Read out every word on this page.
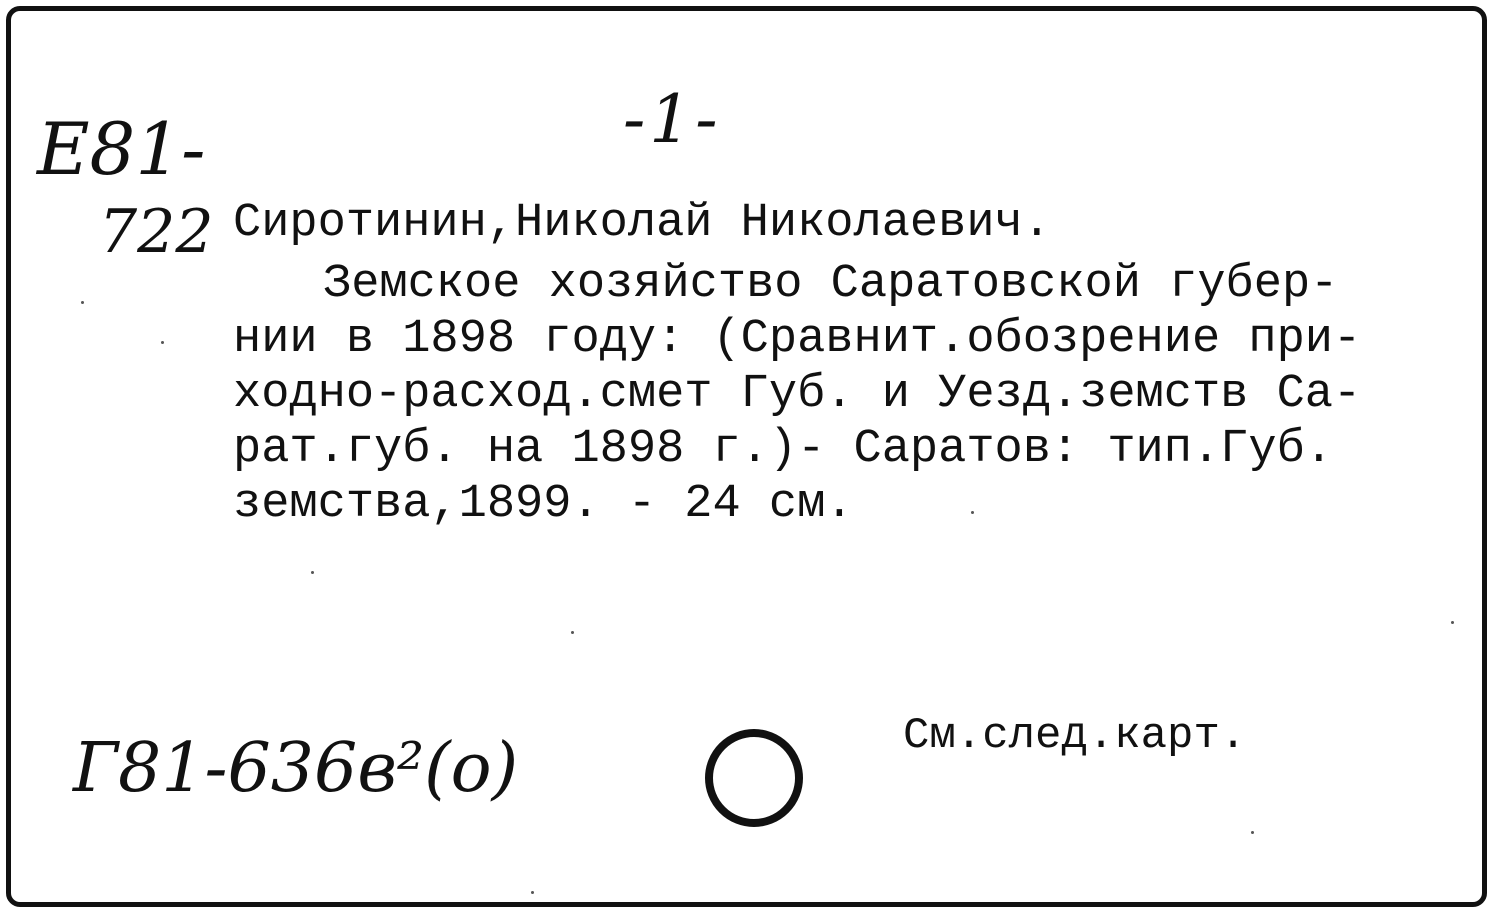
-1-
E81-
722 Сиротинин,Николай Николаевич.
Земское хозяйство Саратовской губер-
нии в 1898 году: (Сравнит.обозрение при-
ходно-расход.смет Губ. и Уезд.земств Са-
рат.губ. на 1898 г.)- Саратов: тип.Губ.
земства,1899. - 24 см.
См.след.карт.
Г81-636в²(о)
